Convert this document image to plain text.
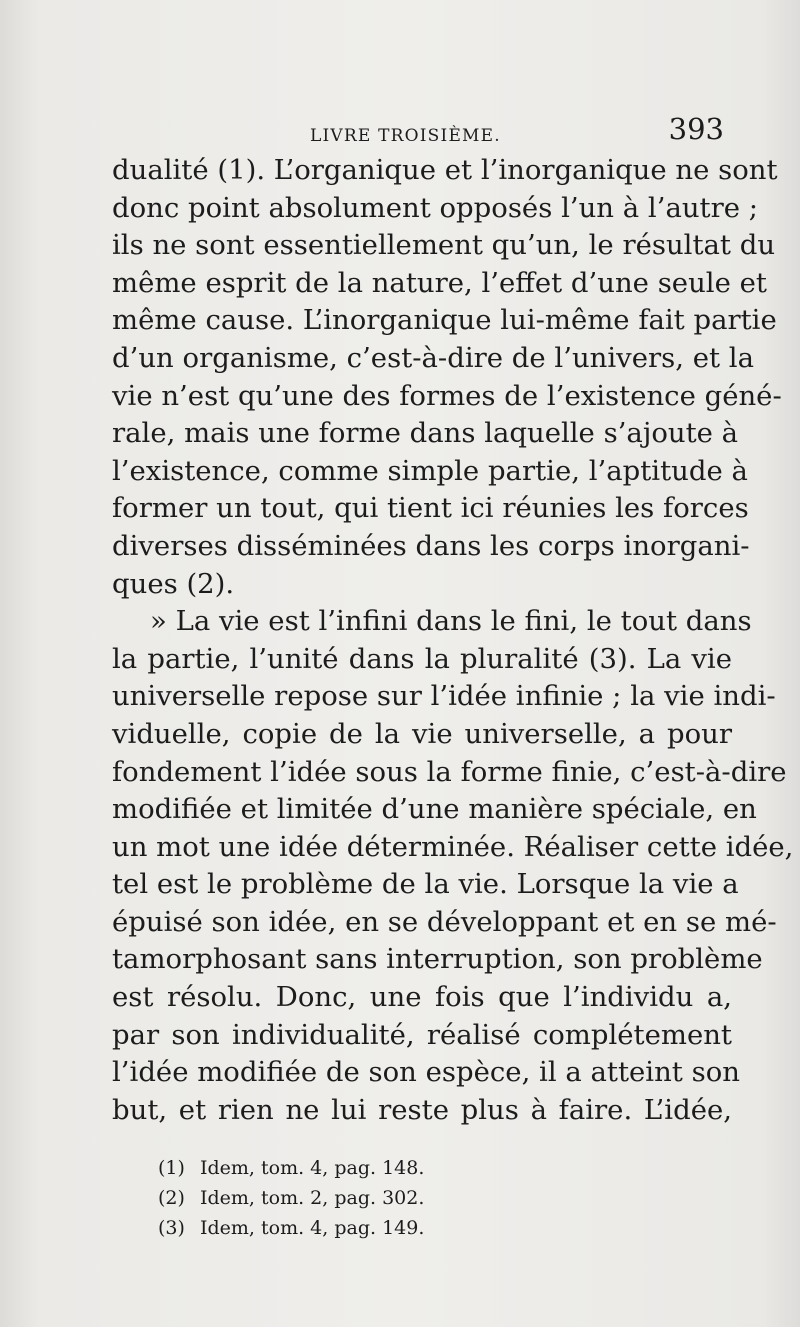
LIVRE TROISIÈME.	393
dualité (1). L’organique et l’inorganique ne sont
donc point absolument opposés l’un à l’autre ;
ils ne sont essentiellement qu’un, le résultat du
même esprit de la nature, l’effet d’une seule et
même cause. L’inorganique lui-même fait partie
d’un organisme, c’est-à-dire de l’univers, et la
vie n’est qu’une des formes de l’existence géné-
rale, mais une forme dans laquelle s’ajoute à
l’existence, comme simple partie, l’aptitude à
former un tout, qui tient ici réunies les forces
diverses disséminées dans les corps inorgani-
ques (2).
» La vie est l’infini dans le fini, le tout dans
la partie, l’unité dans la pluralité (3). La vie
universelle repose sur l’idée infinie ; la vie indi-
viduelle, copie de la vie universelle, a pour
fondement l’idée sous la forme finie, c’est-à-dire
modifiée et limitée d’une manière spéciale, en
un mot une idée déterminée. Réaliser cette idée,
tel est le problème de la vie. Lorsque la vie a
épuisé son idée, en se développant et en se mé-
tamorphosant sans interruption, son problème
est résolu. Donc, une fois que l’individu a,
par son individualité, réalisé complétement
l’idée modifiée de son espèce, il a atteint son
but, et rien ne lui reste plus à faire. L’idée,
(1) Idem, tom. 4, pag. 148.
(2) Idem, tom. 2, pag. 302.
(3) Idem, tom. 4, pag. 149.
